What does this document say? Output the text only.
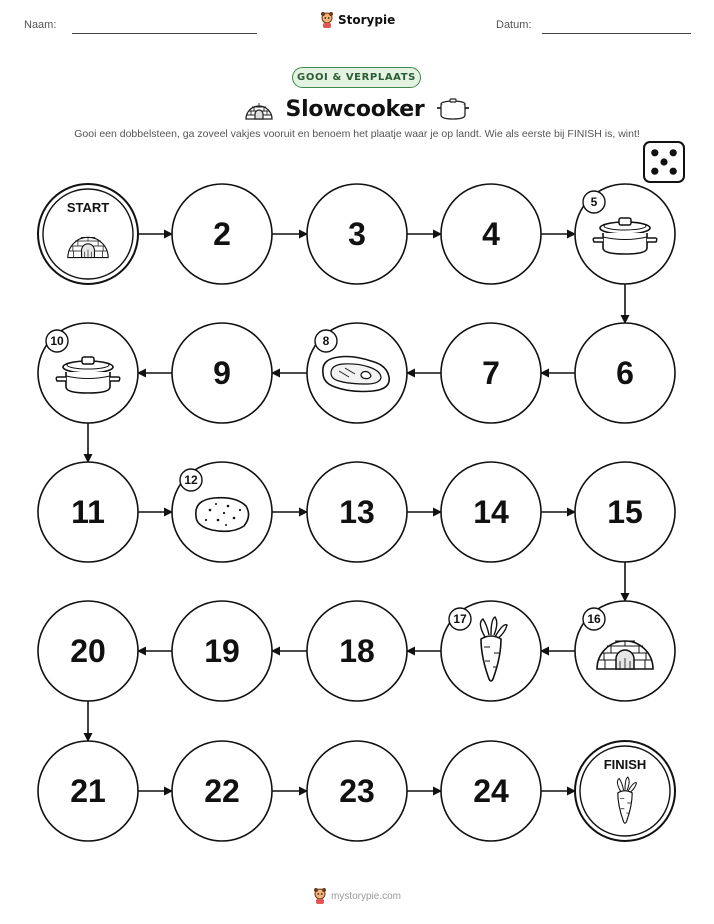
Naam:	Storypie	Datum:
GOOI & VERPLAATS
Slowcooker
Gooi een dobbelsteen, ga zoveel vakjes vooruit en benoem het plaatje waar je op landt. Wie als eerste bij FINISH is, wint!
START
2	3	4
5
6
7
8
9
10
11
12
13	14	15
16
17
18
19
20
21	22	23	24
FINISH
mystorypie.com
